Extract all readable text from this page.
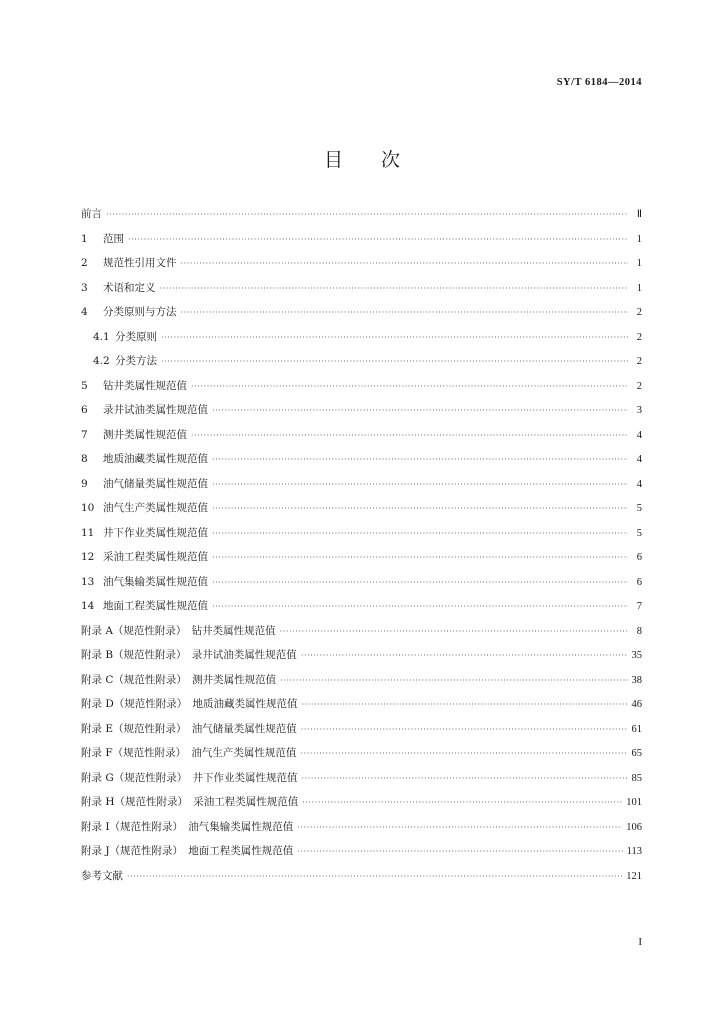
SY/T 6184—2014
目 次
前言 ·····	Ⅱ
1	范围 ·····	1
2	规范性引用文件 ·····	1
3	术语和定义 ·····	1
4	分类原则与方法 ·····	2
4.1 分类原则 ·····	2
4.2 分类方法 ·····	2
5	钻井类属性规范值 ·····	2
6	录井试油类属性规范值 ·····	3
7	测井类属性规范值 ·····	4
8	地质油藏类属性规范值 ·····	4
9	油气储量类属性规范值 ·····	4
10 油气生产类属性规范值 ·····	5
11 井下作业类属性规范值 ·····	5
12 采油工程类属性规范值 ·····	6
13 油气集输类属性规范值 ·····	6
14 地面工程类属性规范值 ·····	7
附录 A（规范性附录）　钻井类属性规范值 ·····	8
附录 B（规范性附录）　录井试油类属性规范值 ·····	35
附录 C（规范性附录）　测井类属性规范值 ·····	38
附录 D（规范性附录）　地质油藏类属性规范值 ·····	46
附录 E（规范性附录）　油气储量类属性规范值 ·····	61
附录 F（规范性附录）　油气生产类属性规范值 ·····	65
附录 G（规范性附录）　井下作业类属性规范值 ·····	85
附录 H（规范性附录）　采油工程类属性规范值 ·····	101
附录 I（规范性附录）　油气集输类属性规范值 ·····	106
附录 J（规范性附录）　地面工程类属性规范值 ·····	113
参考文献 ·····	121
I
